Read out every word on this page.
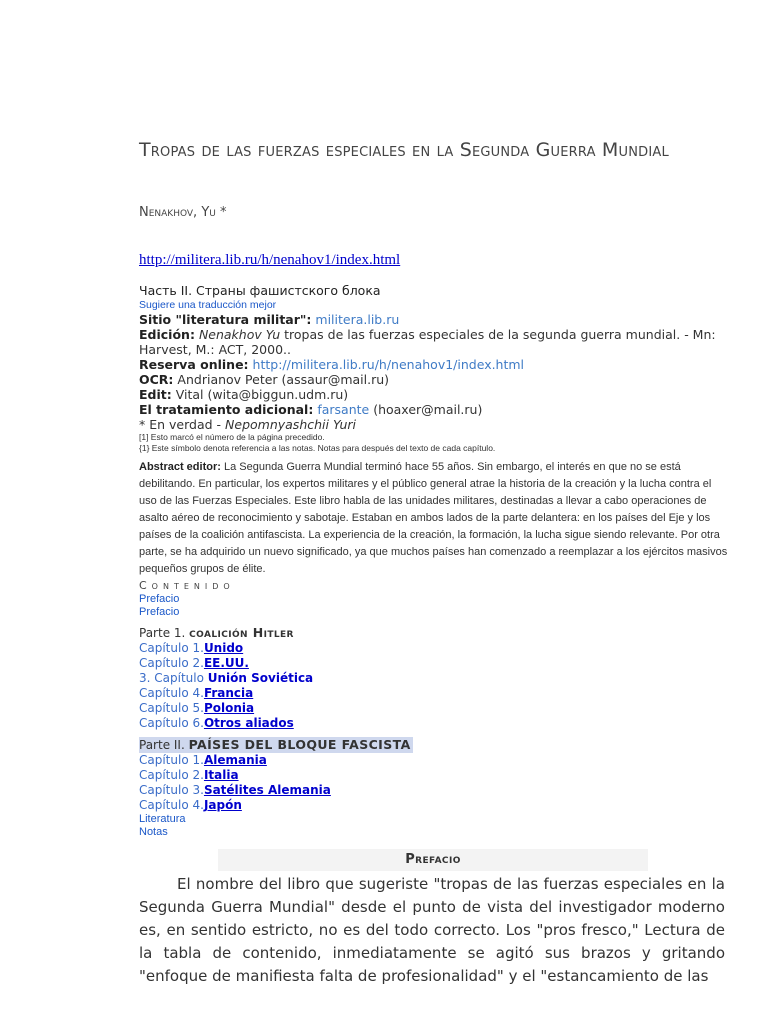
Tropas de las fuerzas especiales en la Segunda Guerra Mundial
Nenakhov, Yu *
http://militera.lib.ru/h/nenahov1/index.html
Часть II. Страны фашистского блока
Sugiere una traducción mejor
Sitio "literatura militar": militera.lib.ru
Edición: Nenakhov Yu tropas de las fuerzas especiales de la segunda guerra mundial. - Mn: Harvest, M.: ACT, 2000..
Reserva online: http://militera.lib.ru/h/nenahov1/index.html
OCR: Andrianov Peter (assaur@mail.ru)
Edit: Vital (wita@biggun.udm.ru)
El tratamiento adicional: farsante (hoaxer@mail.ru)
* En verdad - Nepomnyashchii Yuri
[1] Esto marcó el número de la página precedido.
{1} Este símbolo denota referencia a las notas. Notas para después del texto de cada capítulo.
Abstract editor: La Segunda Guerra Mundial terminó hace 55 años. Sin embargo, el interés en que no se está debilitando. En particular, los expertos militares y el público general atrae la historia de la creación y la lucha contra el uso de las Fuerzas Especiales. Este libro habla de las unidades militares, destinadas a llevar a cabo operaciones de asalto aéreo de reconocimiento y sabotaje. Estaban en ambos lados de la parte delantera: en los países del Eje y los países de la coalición antifascista. La experiencia de la creación, la formación, la lucha sigue siendo relevante. Por otra parte, se ha adquirido un nuevo significado, ya que muchos países han comenzado a reemplazar a los ejércitos masivos pequeños grupos de élite.
Contenido
Prefacio
Prefacio
Parte 1. coalición Hitler
Capítulo 1.Unido
Capítulo 2.EE.UU.
3. Capítulo Unión Soviética
Capítulo 4.Francia
Capítulo 5.Polonia
Capítulo 6.Otros aliados
Parte II. PAÍSES DEL BLOQUE FASCISTA
Capítulo 1.Alemania
Capítulo 2.Italia
Capítulo 3.Satélites Alemania
Capítulo 4.Japón
Literatura
Notas
Prefacio
El nombre del libro que sugeriste "tropas de las fuerzas especiales en la Segunda Guerra Mundial" desde el punto de vista del investigador moderno es, en sentido estricto, no es del todo correcto. Los "pros fresco," Lectura de la tabla de contenido, inmediatamente se agitó sus brazos y gritando "enfoque de manifiesta falta de profesionalidad" y el "estancamiento de las
